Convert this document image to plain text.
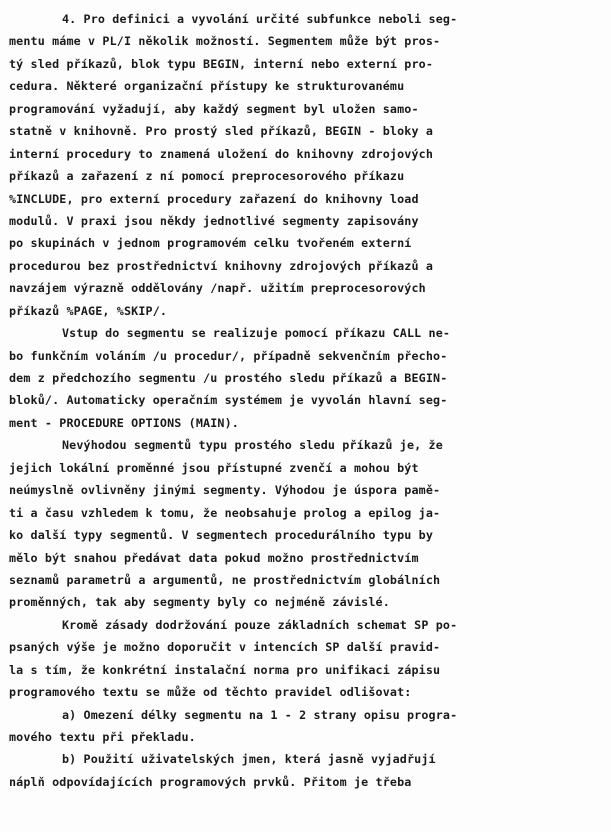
4. Pro definici a vyvolání určité subfunkce neboli seg-
mentu máme v PL/I několik možností. Segmentem může být pros-
tý sled příkazů, blok typu BEGIN, interní nebo externí pro-
cedura. Některé organizační přístupy ke strukturovanému
programování vyžadují, aby každý segment byl uložen samo-
statně v knihovně. Pro prostý sled příkazů, BEGIN - bloky a
interní procedury to znamená uložení do knihovny zdrojových
příkazů a zařazení z ní pomocí preprocesorového příkazu
%INCLUDE, pro externí procedury zařazení do knihovny load
modulů. V praxi jsou někdy jednotlivé segmenty zapisovány
po skupinách v jednom programovém celku tvořeném externí
procedurou bez prostřednictví knihovny zdrojových příkazů a
navzájem výrazně oddělovány /např. užitím preprocesorových
příkazů %PAGE, %SKIP/.
Vstup do segmentu se realizuje pomocí příkazu CALL ne-
bo funkčním voláním /u procedur/, případně sekvenčním přecho-
dem z předchozího segmentu /u prostého sledu příkazů a BEGIN-
bloků/. Automaticky operačním systémem je vyvolán hlavní seg-
ment - PROCEDURE OPTIONS (MAIN).
Nevýhodou segmentů typu prostého sledu příkazů je, že
jejich lokální proměnné jsou přístupné zvenčí a mohou být
neúmyslně ovlivněny jinými segmenty. Výhodou je úspora pamě-
ti a času vzhledem k tomu, že neobsahuje prolog a epilog ja-
ko další typy segmentů. V segmentech procedurálního typu by
mělo být snahou předávat data pokud možno prostřednictvím
seznamů parametrů a argumentů, ne prostřednictvím globálních
proměnných, tak aby segmenty byly co nejméně závislé.
Kromě zásady dodržování pouze základních schemat SP po-
psaných výše je možno doporučit v intencích SP další pravid-
la s tím, že konkrétní instalační norma pro unifikaci zápisu
programového textu se může od těchto pravidel odlišovat:
a) Omezení délky segmentu na 1 - 2 strany opisu progra-
mového textu při překladu.
b) Použití uživatelských jmen, která jasně vyjadřují
náplň odpovídajících programových prvků. Přitom je třeba
